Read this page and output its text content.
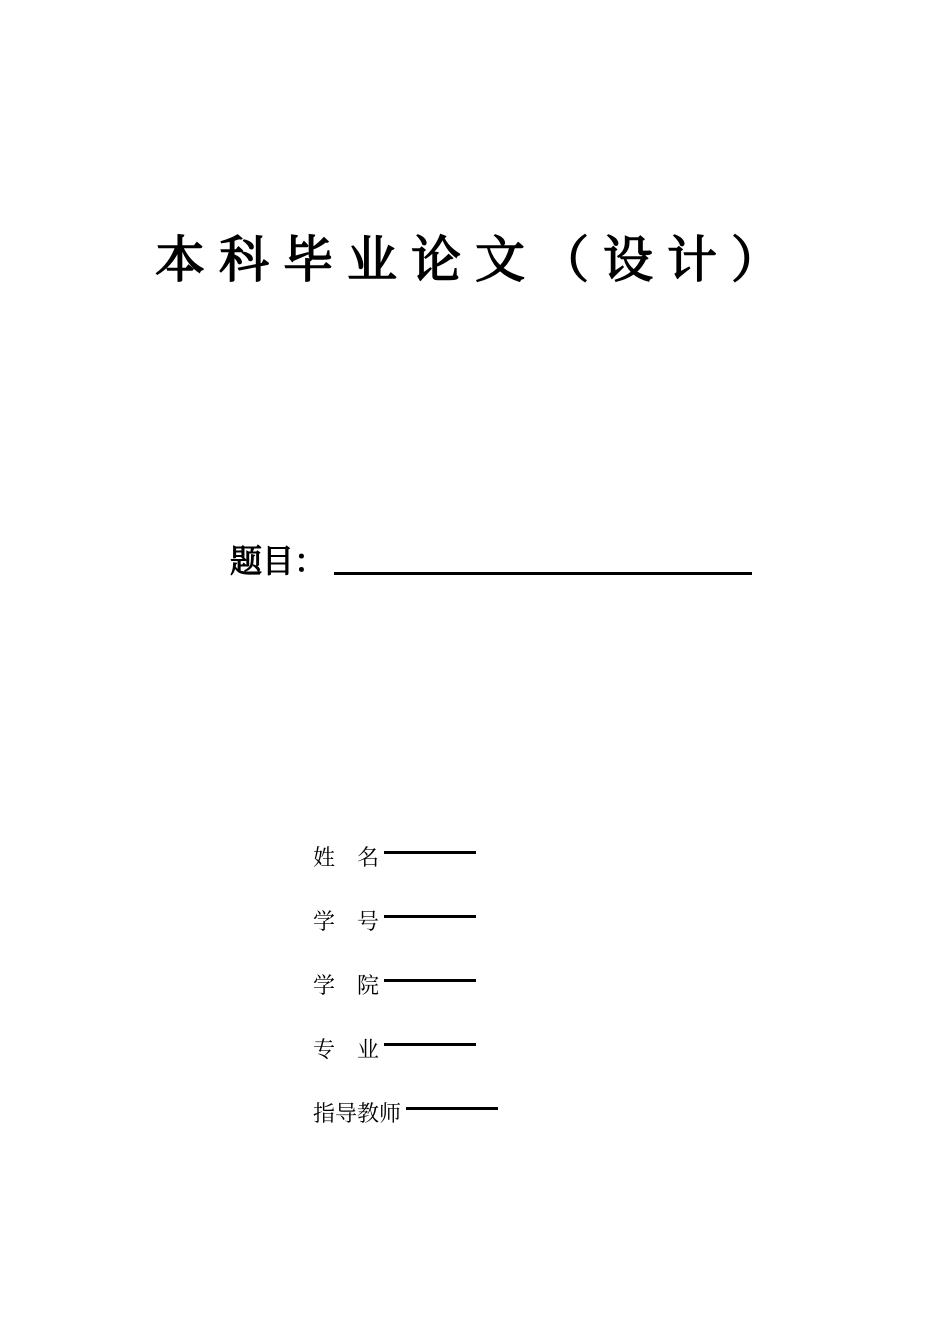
本科毕业论文（设计）
题目：
姓　名
学　号
学　院
专　业
指导教师
